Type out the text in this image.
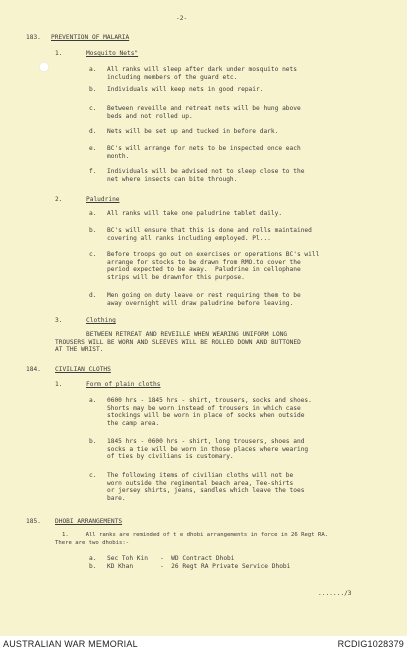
-2-
183. PREVENTION OF MALARIA
1.	Mosquito Nets"
a. All ranks will sleep after dark under mosquito nets
including members of the guard etc.
b. Individuals will keep nets in good repair.
c. Between reveille and retreat nets will be hung above
beds and not rolled up.
d. Nets will be set up and tucked in before dark.
e. BC's will arrange for nets to be inspected once each
month.
f. Individuals will be advised not to sleep close to the
net where insects can bite through.
2.	Paludrine
a. All ranks will take one paludrine tablet daily.
b. BC's will ensure that this is done and rolls maintained
covering all ranks including employed. Pl...
c. Before troops go out on exercises or operations BC's will
arrange for stocks to be drawn from RMO.to cover the
period expected to be away.  Paludrine in cellophane
strips will be drawnfor this purpose.
d. Men going on duty leave or rest requiring them to be
away overnight will draw paludrine before leaving.
3.	Clothing
BETWEEN RETREAT AND REVEILLE WHEN WEARING UNIFORM LONG
TROUSERS WILL BE WORN AND SLEEVES WILL BE ROLLED DOWN AND BUTTONED
AT THE WRIST.
184. CIVILIAN CLOTHS
1.	Form of plain cloths
a. 0600 hrs - 1845 hrs - shirt, trousers, socks and shoes.
Shorts may be worn instead of trousers in which case
stockings will be worn in place of socks when outside
the camp area.
b. 1845 hrs - 0600 hrs - shirt, long trousers, shoes and
socks a tie will be worn in those places where wearing
of ties by civilians is customary.
c. The following items of civilian cloths will not be
worn outside the regimental beach area, Tee-shirts
or jersey shirts, jeans, sandles which leave the toes
bare.
185. DHOBI ARRANGEMENTS
1.     All ranks are reminded of t e dhobi arrangements in force in 26 Regt RA.
There are two dhobis:-
a. Sec Toh Kin -  WD Contract Dhobi
b. KD Khan	-  26 Regt RA Private Service Dhobi
......./3
AUSTRALIAN WAR MEMORIAL	RCDIG1028379
